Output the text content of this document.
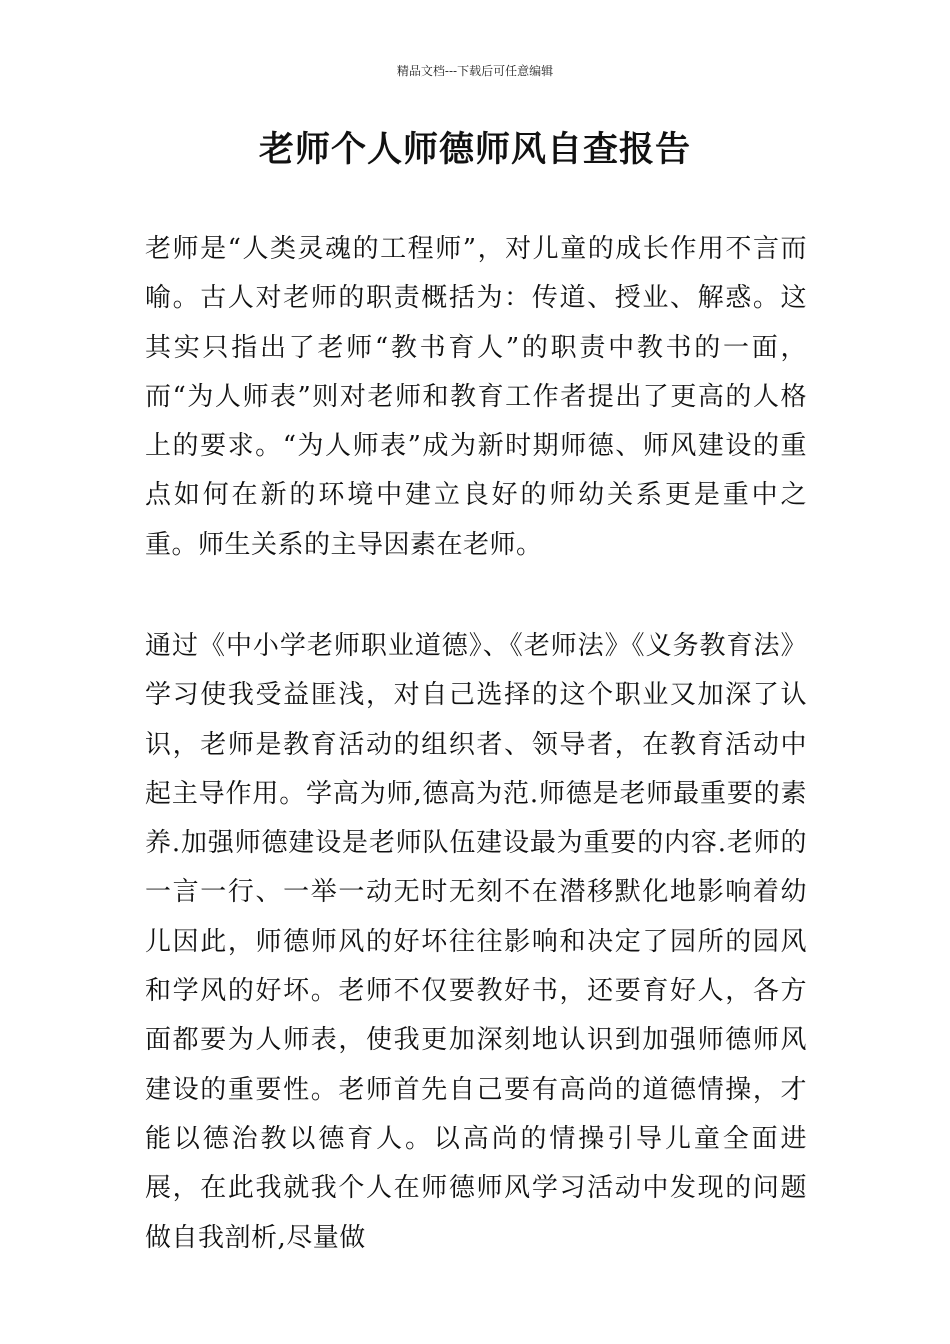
精品文档---下载后可任意编辑
老师个人师德师风自查报告

老师是“人类灵魂的工程师”，对儿童的成长作用不言而喻。古人对老师的职责概括为：传道、授业、解惑。这其实只指出了老师“教书育人”的职责中教书的一面，而“为人师表”则对老师和教育工作者提出了更高的人格上的要求。“为人师表”成为新时期师德、师风建设的重点如何在新的环境中建立良好的师幼关系更是重中之重。师生关系的主导因素在老师。

通过《中小学老师职业道德》、《老师法》《义务教育法》学习使我受益匪浅，对自己选择的这个职业又加深了认识，老师是教育活动的组织者、领导者，在教育活动中起主导作用。学高为师,德高为范.师德是老师最重要的素养.加强师德建设是老师队伍建设最为重要的内容.老师的一言一行、一举一动无时无刻不在潜移默化地影响着幼儿因此，师德师风的好坏往往影响和决定了园所的园风和学风的好坏。老师不仅要教好书，还要育好人，各方面都要为人师表，使我更加深刻地认识到加强师德师风建设的重要性。老师首先自己要有高尚的道德情操，才能以德治教以德育人。以高尚的情操引导儿童全面进展，在此我就我个人在师德师风学习活动中发现的问题做自我剖析,尽量做
